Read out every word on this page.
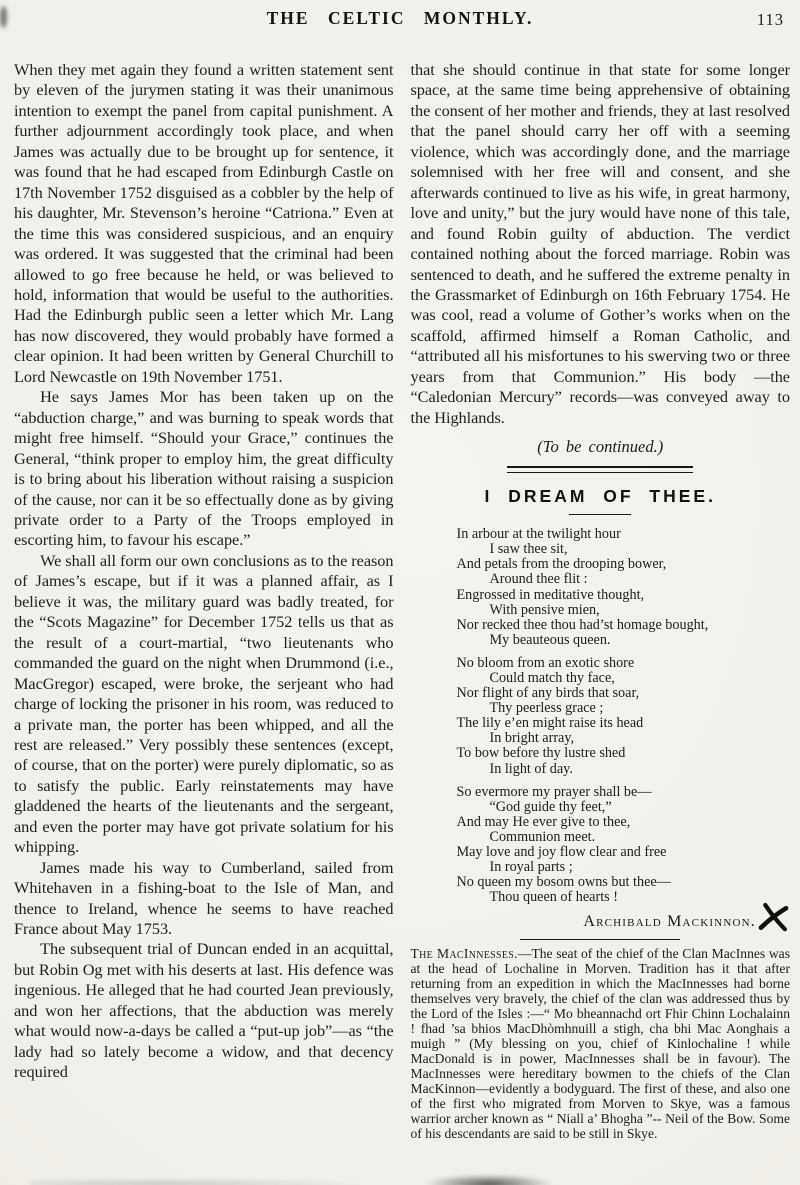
THE CELTIC MONTHLY.	113

When they met again they found a written statement sent by eleven of the jurymen stating it was their unanimous intention to exempt the panel from capital punishment. A further adjournment accordingly took place, and when James was actually due to be brought up for sentence, it was found that he had escaped from Edinburgh Castle on 17th November 1752 disguised as a cobbler by the help of his daughter, Mr. Stevenson’s heroine “Catriona.” Even at the time this was considered suspicious, and an enquiry was ordered. It was suggested that the criminal had been allowed to go free because he held, or was believed to hold, information that would be useful to the authorities. Had the Edinburgh public seen a letter which Mr. Lang has now discovered, they would probably have formed a clear opinion. It had been written by General Churchill to Lord Newcastle on 19th November 1751.

He says James Mor has been taken up on the “abduction charge,” and was burning to speak words that might free himself. “Should your Grace,” continues the General, “think proper to employ him, the great difficulty is to bring about his liberation without raising a suspicion of the cause, nor can it be so effectually done as by giving private order to a Party of the Troops employed in escorting him, to favour his escape.”

We shall all form our own conclusions as to the reason of James’s escape, but if it was a planned affair, as I believe it was, the military guard was badly treated, for the “Scots Magazine” for December 1752 tells us that as the result of a court-martial, “two lieutenants who commanded the guard on the night when Drummond (i.e., MacGregor) escaped, were broke, the serjeant who had charge of locking the prisoner in his room, was reduced to a private man, the porter has been whipped, and all the rest are released.” Very possibly these sentences (except, of course, that on the porter) were purely diplomatic, so as to satisfy the public. Early reinstatements may have gladdened the hearts of the lieutenants and the sergeant, and even the porter may have got private solatium for his whipping.

James made his way to Cumberland, sailed from Whitehaven in a fishing-boat to the Isle of Man, and thence to Ireland, whence he seems to have reached France about May 1753.

The subsequent trial of Duncan ended in an acquittal, but Robin Og met with his deserts at last. His defence was ingenious. He alleged that he had courted Jean previously, and won her affections, that the abduction was merely what would now-a-days be called a “put-up job”—as “the lady had so lately become a widow, and that decency required

that she should continue in that state for some longer space, at the same time being apprehensive of obtaining the consent of her mother and friends, they at last resolved that the panel should carry her off with a seeming violence, which was accordingly done, and the marriage solemnised with her free will and consent, and she afterwards continued to live as his wife, in great harmony, love and unity,” but the jury would have none of this tale, and found Robin guilty of abduction. The verdict contained nothing about the forced marriage. Robin was sentenced to death, and he suffered the extreme penalty in the Grassmarket of Edinburgh on 16th February 1754. He was cool, read a volume of Gother’s works when on the scaffold, affirmed himself a Roman Catholic, and “attributed all his misfortunes to his swerving two or three years from that Communion.” His body —the “Caledonian Mercury” records—was conveyed away to the Highlands.

(To be continued.)
I DREAM OF THEE.
In arbour at the twilight hour
I saw thee sit,
And petals from the drooping bower,
Around thee flit :
Engrossed in meditative thought,
With pensive mien,
Nor recked thee thou had’st homage bought,
My beauteous queen.
No bloom from an exotic shore
Could match thy face,
Nor flight of any birds that soar,
Thy peerless grace ;
The lily e’en might raise its head
In bright array,
To bow before thy lustre shed
In light of day.
So evermore my prayer shall be—
“God guide thy feet,”
And may He ever give to thee,
Communion meet.
May love and joy flow clear and free
In royal parts ;
No queen my bosom owns but thee—
Thou queen of hearts !
Archibald Mackinnon.

The MacInnesses.—The seat of the chief of the Clan MacInnes was at the head of Lochaline in Morven. Tradition has it that after returning from an expedition in which the MacInnesses had borne themselves very bravely, the chief of the clan was addressed thus by the Lord of the Isles :—“ Mo bheannachd ort Fhir Chinn Lochalainn ! fhad ’sa bhios MacDhòmhnuill a stigh, cha bhi Mac Aonghais a muigh ” (My blessing on you, chief of Kinlochaline ! while MacDonald is in power, MacInnesses shall be in favour). The MacInnesses were hereditary bowmen to the chiefs of the Clan MacKinnon—evidently a bodyguard. The first of these, and also one of the first who migrated from Morven to Skye, was a famous warrior archer known as “ Niall a’ Bhogha ”-- Neil of the Bow. Some of his descendants are said to be still in Skye.
